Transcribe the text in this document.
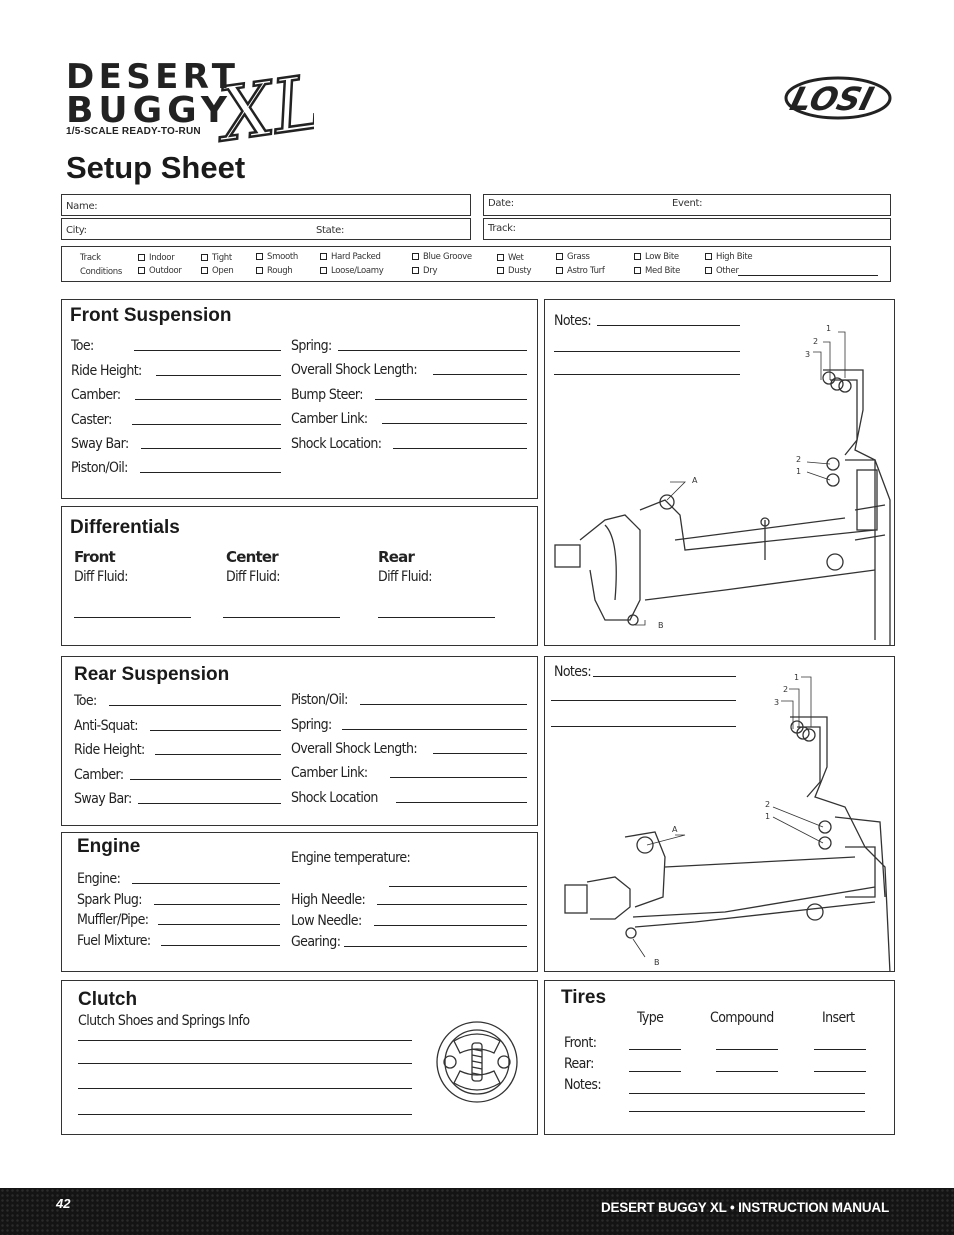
DESERT
BUGGY
XL
1/5-SCALE READY-TO-RUN
LOSI
Setup Sheet
Name:
City:	State:
Date:	Event:
Track:
Track
Conditions
Indoor
Outdoor
Tight
Open
Smooth
Rough
Hard Packed
Loose/Loamy
Blue Groove
Dry
Wet
Dusty
Grass
Astro Turf
Low Bite
Med Bite
High Bite
Other
Front Suspension
Toe:
Ride Height:
Camber:
Caster:
Sway Bar:
Piston/Oil:
Spring:
Overall Shock Length:
Bump Steer:
Camber Link:
Shock Location:
Differentials
Front	Center	Rear
Diff Fluid:	Diff Fluid:	Diff Fluid:
Notes:	1
2
3
2
1
A
B
Rear Suspension
Toe:
Anti-Squat:
Ride Height:
Camber:
Sway Bar:
Piston/Oil:
Spring:
Overall Shock Length:
Camber Link:
Shock Location
Engine
Engine temperature:
Engine:
Spark Plug:
Muffler/Pipe:
Fuel Mixture:
High Needle:
Low Needle:
Gearing:
Notes:	1
2
3
2
1
A
B
Clutch
Clutch Shoes and Springs Info
Tires
Type	Compound	Insert
Front:
Rear:
Notes:
42	DESERT BUGGY XL • INSTRUCTION MANUAL
